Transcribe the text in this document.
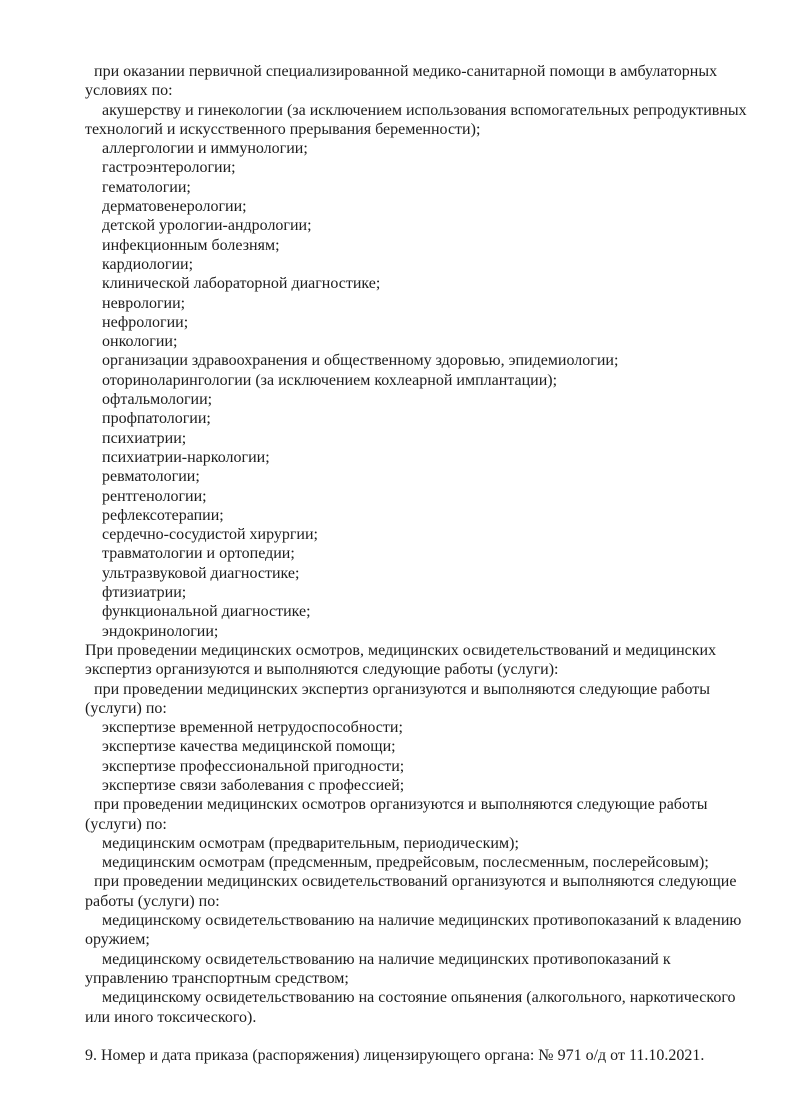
при оказании первичной специализированной медико-санитарной помощи в амбулаторных
условиях по:
акушерству и гинекологии (за исключением использования вспомогательных репродуктивных
технологий и искусственного прерывания беременности);
аллергологии и иммунологии;
гастроэнтерологии;
гематологии;
дерматовенерологии;
детской урологии-андрологии;
инфекционным болезням;
кардиологии;
клинической лабораторной диагностике;
неврологии;
нефрологии;
онкологии;
организации здравоохранения и общественному здоровью, эпидемиологии;
оториноларингологии (за исключением кохлеарной имплантации);
офтальмологии;
профпатологии;
психиатрии;
психиатрии-наркологии;
ревматологии;
рентгенологии;
рефлексотерапии;
сердечно-сосудистой хирургии;
травматологии и ортопедии;
ультразвуковой диагностике;
фтизиатрии;
функциональной диагностике;
эндокринологии;
При проведении медицинских осмотров, медицинских освидетельствований и медицинских
экспертиз организуются и выполняются следующие работы (услуги):
при проведении медицинских экспертиз организуются и выполняются следующие работы
(услуги) по:
экспертизе временной нетрудоспособности;
экспертизе качества медицинской помощи;
экспертизе профессиональной пригодности;
экспертизе связи заболевания с профессией;
при проведении медицинских осмотров организуются и выполняются следующие работы
(услуги) по:
медицинским осмотрам (предварительным, периодическим);
медицинским осмотрам (предсменным, предрейсовым, послесменным, послерейсовым);
при проведении медицинских освидетельствований организуются и выполняются следующие
работы (услуги) по:
медицинскому освидетельствованию на наличие медицинских противопоказаний к владению
оружием;
медицинскому освидетельствованию на наличие медицинских противопоказаний к
управлению транспортным средством;
медицинскому освидетельствованию на состояние опьянения (алкогольного, наркотического
или иного токсического).

9. Номер и дата приказа (распоряжения) лицензирующего органа: № 971 о/д от 11.10.2021.
